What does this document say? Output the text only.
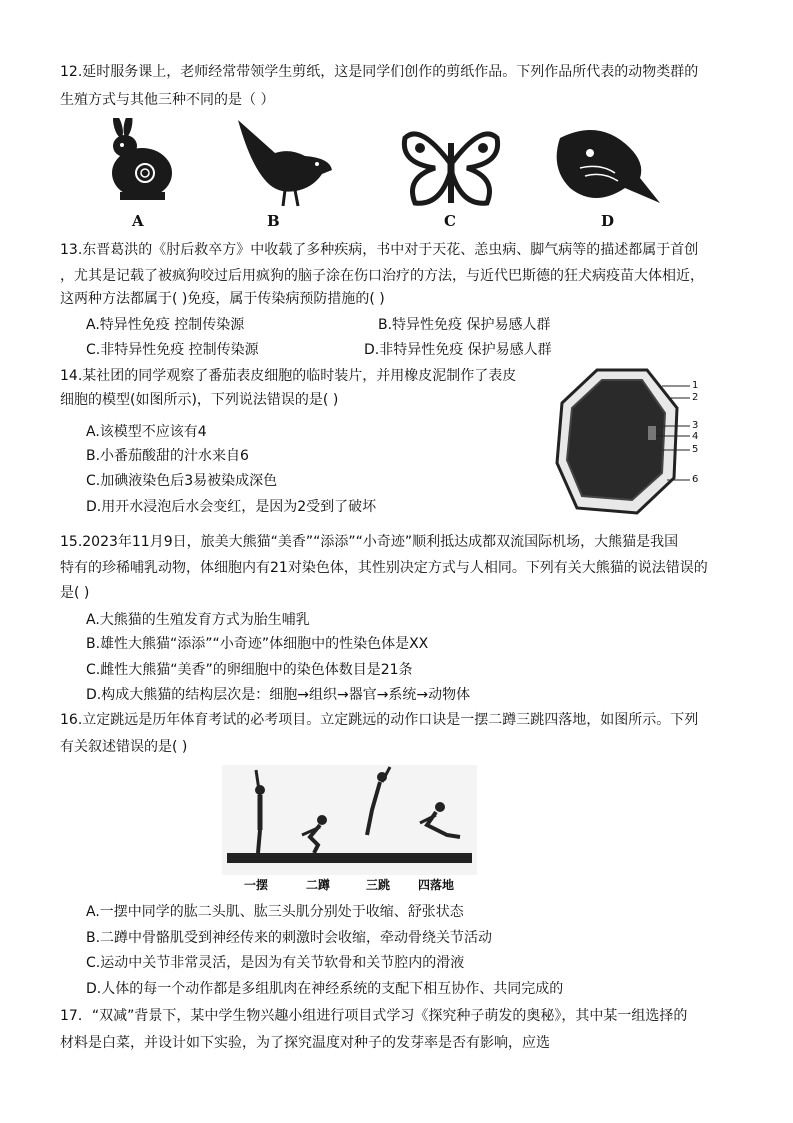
12.延时服务课上，老师经常带领学生剪纸，这是同学们创作的剪纸作品。下列作品所代表的动物类群的
生殖方式与其他三种不同的是（ ）
A	B	C	D
13.东晋葛洪的《肘后救卒方》中收载了多种疾病，书中对于天花、恙虫病、脚气病等的描述都属于首创
，尤其是记载了被疯狗咬过后用疯狗的脑子涂在伤口治疗的方法，与近代巴斯德的狂犬病疫苗大体相近，
这两种方法都属于( )免疫，属于传染病预防措施的( )
A.特异性免疫 控制传染源	B.特异性免疫 保护易感人群
C.非特异性免疫 控制传染源	D.非特异性免疫 保护易感人群
14.某社团的同学观察了番茄表皮细胞的临时装片，并用橡皮泥制作了表皮
细胞的模型(如图所示)，下列说法错误的是( )
A.该模型不应该有4
B.小番茄酸甜的汁水来自6
C.加碘液染色后3易被染成深色
D.用开水浸泡后水会变红，是因为2受到了破坏
1
2
3
4
5
6
15.2023年11月9日，旅美大熊猫“美香”“添添”“小奇迹”顺利抵达成都双流国际机场，大熊猫是我国
特有的珍稀哺乳动物，体细胞内有21对染色体，其性别决定方式与人相同。下列有关大熊猫的说法错误的
是( )
A.大熊猫的生殖发育方式为胎生哺乳
B.雄性大熊猫“添添”“小奇迹”体细胞中的性染色体是XX
C.雌性大熊猫“美香”的卵细胞中的染色体数目是21条
D.构成大熊猫的结构层次是：细胞→组织→器官→系统→动物体
16.立定跳远是历年体育考试的必考项目。立定跳远的动作口诀是一摆二蹲三跳四落地，如图所示。下列
有关叙述错误的是( )
一摆	二蹲	三跳 四落地
A.一摆中同学的肱二头肌、肱三头肌分别处于收缩、舒张状态
B.二蹲中骨骼肌受到神经传来的刺激时会收缩，牵动骨绕关节活动
C.运动中关节非常灵活，是因为有关节软骨和关节腔内的滑液
D.人体的每一个动作都是多组肌肉在神经系统的支配下相互协作、共同完成的
17．“双减”背景下，某中学生物兴趣小组进行项目式学习《探究种子萌发的奥秘》，其中某一组选择的
材料是白菜，并设计如下实验，为了探究温度对种子的发芽率是否有影响，应选
